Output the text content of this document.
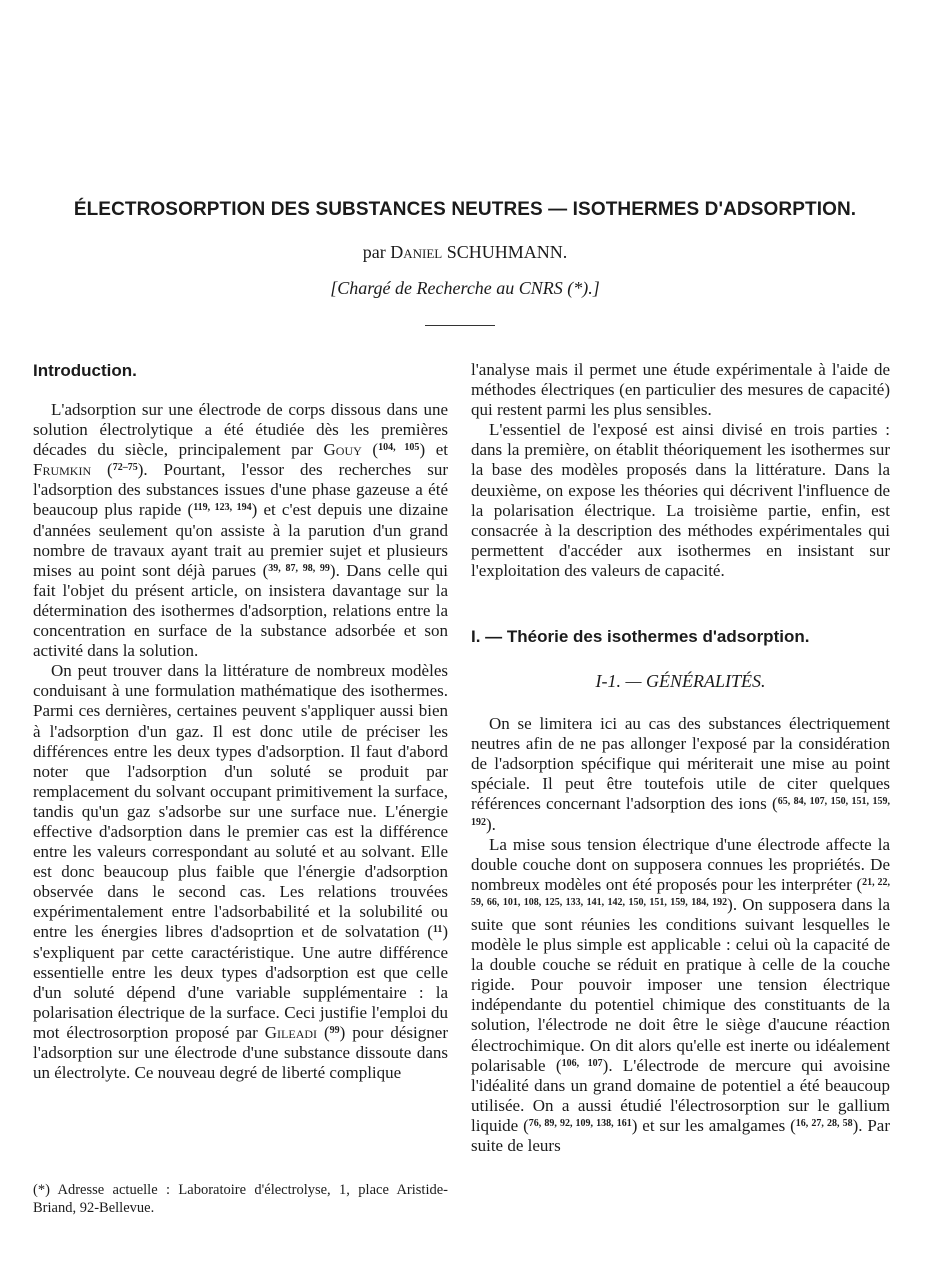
ÉLECTROSORPTION DES SUBSTANCES NEUTRES — ISOTHERMES D'ADSORPTION.
par Daniel SCHUHMANN.
[Chargé de Recherche au CNRS (*).]
Introduction.

L'adsorption sur une électrode de corps dissous dans une solution électrolytique a été étudiée dès les premières décades du siècle, principalement par Gouy ($^{104, 105}$) et Frumkin ($^{72-75}$). Pourtant, l'essor des recherches sur l'adsorption des substances issues d'une phase gazeuse a été beaucoup plus rapide ($^{119, 123, 194}$) et c'est depuis une dizaine d'années seulement qu'on assiste à la parution d'un grand nombre de travaux ayant trait au premier sujet et plusieurs mises au point sont déjà parues ($^{39, 87, 98, 99}$). Dans celle qui fait l'objet du présent article, on insistera davantage sur la détermination des isothermes d'adsorption, relations entre la concentration en surface de la substance adsorbée et son activité dans la solution.

On peut trouver dans la littérature de nombreux modèles conduisant à une formulation mathématique des isothermes. Parmi ces dernières, certaines peuvent s'appliquer aussi bien à l'adsorption d'un gaz. Il est donc utile de préciser les différences entre les deux types d'adsorption. Il faut d'abord noter que l'adsorption d'un soluté se produit par remplacement du solvant occupant primitivement la surface, tandis qu'un gaz s'adsorbe sur une surface nue. L'énergie effective d'adsorption dans le premier cas est la différence entre les valeurs correspondant au soluté et au solvant. Elle est donc beaucoup plus faible que l'énergie d'adsorption observée dans le second cas. Les relations trouvées expérimentalement entre l'adsorbabilité et la solubilité ou entre les énergies libres d'adsoprtion et de solvatation ($^{11}$) s'expliquent par cette caractéristique. Une autre différence essentielle entre les deux types d'adsorption est que celle d'un soluté dépend d'une variable supplémentaire : la polarisation électrique de la surface. Ceci justifie l'emploi du mot électrosorption proposé par Gileadi ($^{99}$) pour désigner l'adsorption sur une électrode d'une substance dissoute dans un électrolyte. Ce nouveau degré de liberté complique

l'analyse mais il permet une étude expérimentale à l'aide de méthodes électriques (en particulier des mesures de capacité) qui restent parmi les plus sensibles.

L'essentiel de l'exposé est ainsi divisé en trois parties : dans la première, on établit théoriquement les isothermes sur la base des modèles proposés dans la littérature. Dans la deuxième, on expose les théories qui décrivent l'influence de la polarisation électrique. La troisième partie, enfin, est consacrée à la description des méthodes expérimentales qui permettent d'accéder aux isothermes en insistant sur l'exploitation des valeurs de capacité.

I. — Théorie des isothermes d'adsorption.
I-1. — GÉNÉRALITÉS.

On se limitera ici au cas des substances électriquement neutres afin de ne pas allonger l'exposé par la considération de l'adsorption spécifique qui mériterait une mise au point spéciale. Il peut être toutefois utile de citer quelques références concernant l'adsorption des ions ($^{65, 84, 107, 150, 151, 159, 192}$).

La mise sous tension électrique d'une électrode affecte la double couche dont on supposera connues les propriétés. De nombreux modèles ont été proposés pour les interpréter ($^{21, 22, 59, 66, 101, 108, 125, 133, 141, 142, 150, 151, 159, 184, 192}$). On supposera dans la suite que sont réunies les conditions suivant lesquelles le modèle le plus simple est applicable : celui où la capacité de la double couche se réduit en pratique à celle de la couche rigide. Pour pouvoir imposer une tension électrique indépendante du potentiel chimique des constituants de la solution, l'électrode ne doit être le siège d'aucune réaction électrochimique. On dit alors qu'elle est inerte ou idéalement polarisable ($^{106, 107}$). L'électrode de mercure qui avoisine l'idéalité dans un grand domaine de potentiel a été beaucoup utilisée. On a aussi étudié l'électrosorption sur le gallium liquide ($^{76, 89, 92, 109, 138, 161}$) et sur les amalgames ($^{16, 27, 28, 58}$). Par suite de leurs

(*) Adresse actuelle : Laboratoire d'électrolyse, 1, place Aristide-Briand, 92-Bellevue.
